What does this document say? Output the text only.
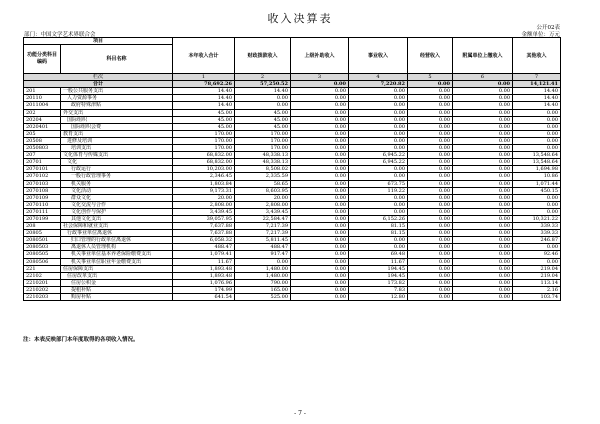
收入决算表
公开02表
部门：中国文学艺术界联合会	金额单位：万元
项目		本年收入合计	财政拨款收入	上级补助收入	事业收入	经营收入	附属单位上缴收入	其他收入
功能分类科目编码	科目名称							
栏次		1	2	3	4	5	6	7
合计		78,692.26	57,250.52	0.00	7,220.82	0.00	0.00	14,121.41
201	一般公共服务支出	14.40	14.40	0.00	0.00	0.00	0.00	14.40
20110	人力资源事务	14.40	0.00	0.00	0.00	0.00	0.00	14.40
2011004	政府特殊津贴	14.40	0.00	0.00	0.00	0.00	0.00	14.40
202	外交支出	45.00	45.00	0.00	0.00	0.00	0.00	0.00
20204	国际组织	45.00	45.00	0.00	0.00	0.00	0.00	0.00
2020401	国际组织会费	45.00	45.00	0.00	0.00	0.00	0.00	0.00
205	教育支出	170.00	170.00	0.00	0.00	0.00	0.00	0.00
20508	进修及培训	170.00	170.00	0.00	0.00	0.00	0.00	0.00
2050803	培训支出	170.00	170.00	0.00	0.00	0.00	0.00	0.00
207	文化体育与传媒支出	68,832.00	48,338.13	0.00	6,945.22	0.00	0.00	13,548.64
20701	文化	68,832.00	48,338.13	0.00	6,945.22	0.00	0.00	13,548.64
2070101	行政运行	10,203.00	8,508.02	0.00	0.00	0.00	0.00	1,694.98
2070102	一般行政管理事务	2,346.45	2,335.59	0.00	0.00	0.00	0.00	10.86
2070103	机关服务	1,803.84	58.65	0.00	673.75	0.00	0.00	1,071.44
2070108	文化活动	9,173.31	8,603.95	0.00	119.22	0.00	0.00	450.15
2070109	群众文化	20.00	20.00	0.00	0.00	0.00	0.00	0.00
2070110	文化交流与合作	2,808.00	2,808.00	0.00	0.00	0.00	0.00	0.00
2070111	文化创作与保护	3,439.45	3,439.45	0.00	0.00	0.00	0.00	0.00
2070199	其他文化支出	39,057.95	22,584.47	0.00	6,152.26	0.00	0.00	10,321.22
208	社会保障和就业支出	7,637.88	7,217.39	0.00	81.15	0.00	0.00	339.33
20805	行政事业单位离退休	7,637.88	7,217.39	0.00	81.15	0.00	0.00	339.33
2080501	归口管理的行政单位离退休	6,058.32	5,811.45	0.00	0.00	0.00	0.00	246.87
2080503	离退休人员管理机构	488.47	488.47	0.00	0.00	0.00	0.00	0.00
2080505	机关事业单位基本养老保险缴费支出	1,079.41	917.47	0.00	69.48	0.00	0.00	92.46
2080506	机关事业单位职业年金缴费支出	11.67	0.00	0.00	11.67	0.00	0.00	0.00
221	住房保障支出	1,893.48	1,480.00	0.00	194.45	0.00	0.00	219.04
22102	住房改革支出	1,893.48	1,480.00	0.00	194.45	0.00	0.00	219.04
2210201	住房公积金	1,076.96	790.00	0.00	173.82	0.00	0.00	113.14
2210202	提租补贴	174.99	165.00	0.00	7.83	0.00	0.00	2.16
2210203	购房补贴	641.54	525.00	0.00	12.80	0.00	0.00	103.74
注：本表反映部门本年度取得的各项收入情况。
- 7 -
